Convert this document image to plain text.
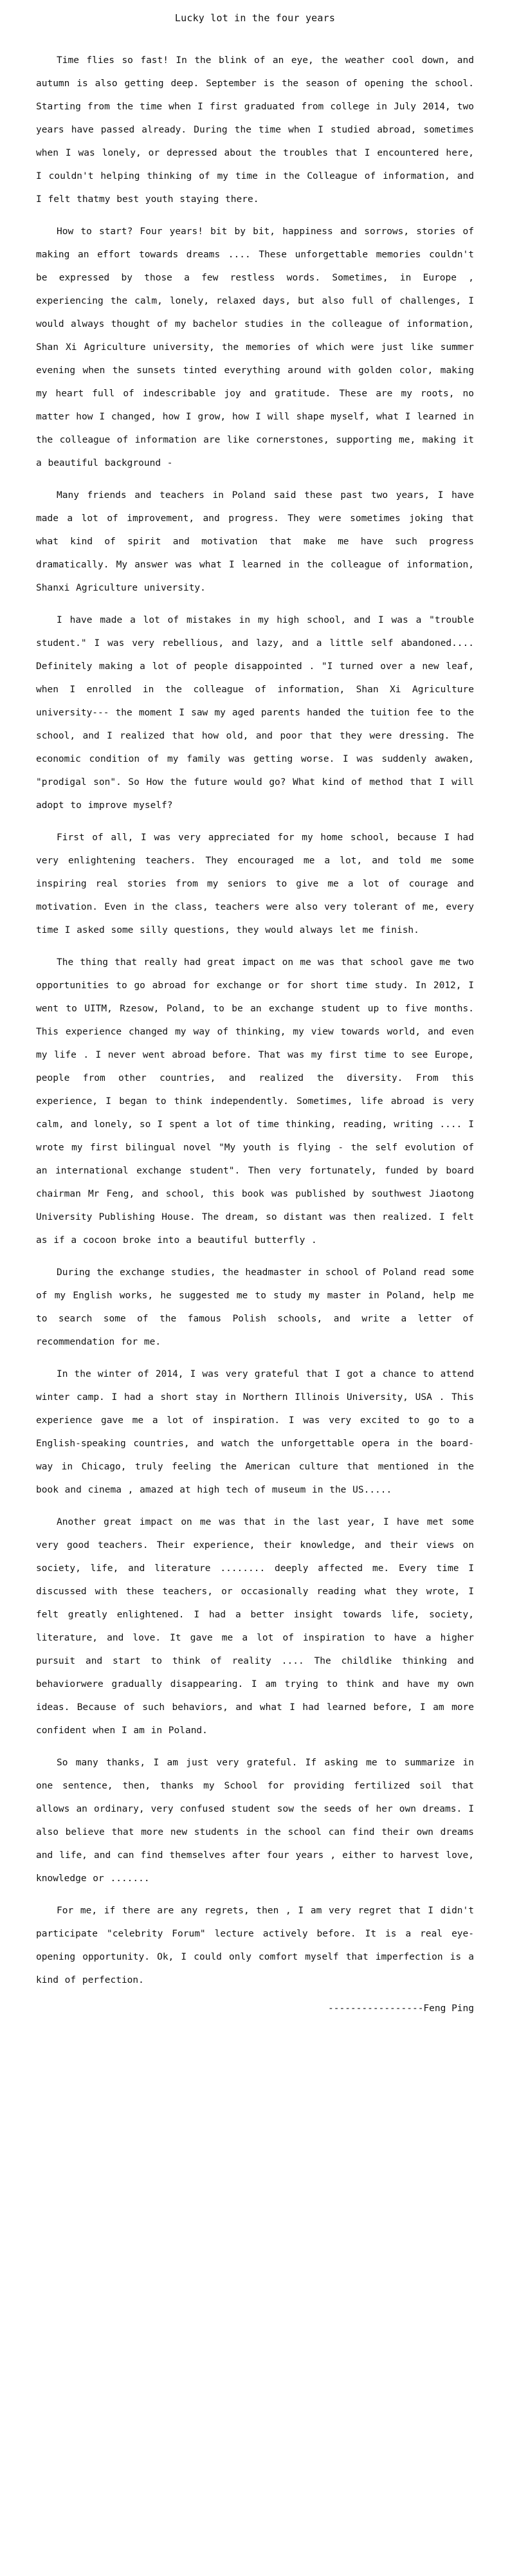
Lucky lot in the four years

Time flies so fast! In the blink of an eye, the weather cool down, and autumn is also getting deep. September is the season of opening the school. Starting from the time when I first graduated from college in July 2014, two years have passed already. During the time when I studied abroad, sometimes when I was lonely, or depressed about the troubles that I encountered here, I couldn't helping thinking of my time in the Colleague of information, and I felt thatmy best youth staying there.

How to start? Four years! bit by bit, happiness and sorrows, stories of making an effort towards dreams .... These unforgettable memories couldn't be expressed by those a few restless words. Sometimes, in Europe , experiencing the calm, lonely, relaxed days, but also full of challenges, I would always thought of my bachelor studies in the colleague of information, Shan Xi Agriculture university, the memories of which were just like summer evening when the sunsets tinted everything around with golden color, making my heart full of indescribable joy and gratitude. These are my roots, no matter how I changed, how I grow, how I will shape myself, what I learned in the colleague of information are like cornerstones, supporting me, making it a beautiful background -

Many friends and teachers in Poland said these past two years, I have made a lot of improvement, and progress. They were sometimes joking that what kind of spirit and motivation that make me have such progress dramatically. My answer was what I learned in the colleague of information, Shanxi Agriculture university.

I have made a lot of mistakes in my high school, and I was a "trouble student." I was very rebellious, and lazy, and a little self abandoned.... Definitely making a lot of people disappointed . "I turned over a new leaf, when I enrolled in the colleague of information, Shan Xi Agriculture university--- the moment I saw my aged parents handed the tuition fee to the school, and I realized that how old, and poor that they were dressing. The economic condition of my family was getting worse. I was suddenly awaken, "prodigal son". So How the future would go? What kind of method that I will adopt to improve myself?

First of all, I was very appreciated for my home school, because I had very enlightening teachers. They encouraged me a lot, and told me some inspiring real stories from my seniors to give me a lot of courage and motivation. Even in the class, teachers were also very tolerant of me, every time I asked some silly questions, they would always let me finish.

The thing that really had great impact on me was that school gave me two opportunities to go abroad for exchange or for short time study. In 2012, I went to UITM, Rzesow, Poland, to be an exchange student up to five months. This experience changed my way of thinking, my view towards world, and even my life . I never went abroad before. That was my first time to see Europe, people from other countries, and realized the diversity. From this experience, I began to think independently. Sometimes, life abroad is very calm, and lonely, so I spent a lot of time thinking, reading, writing .... I wrote my first bilingual novel "My youth is flying - the self evolution of an international exchange student". Then very fortunately, funded by board chairman Mr Feng, and school, this book was published by southwest Jiaotong University Publishing House. The dream, so distant was then realized. I felt as if a cocoon broke into a beautiful butterfly .

During the exchange studies, the headmaster in school of Poland read some of my English works, he suggested me to study my master in Poland, help me to search some of the famous Polish schools, and write a letter of recommendation for me.

In the winter of 2014, I was very grateful that I got a chance to attend winter camp. I had a short stay in Northern Illinois University, USA . This experience gave me a lot of inspiration. I was very excited to go to a English-speaking countries, and watch the unforgettable opera in the board-way in Chicago, truly feeling the American culture that mentioned in the book and cinema , amazed at high tech of museum in the US.....

Another great impact on me was that in the last year, I have met some very good teachers. Their experience, their knowledge, and their views on society, life, and literature ........ deeply affected me. Every time I discussed with these teachers, or occasionally reading what they wrote, I felt greatly enlightened. I had a better insight towards life, society, literature, and love. It gave me a lot of inspiration to have a higher pursuit and start to think of reality .... The childlike thinking and behaviorwere gradually disappearing. I am trying to think and have my own ideas. Because of such behaviors, and what I had learned before, I am more confident when I am in Poland.

So many thanks, I am just very grateful. If asking me to summarize in one sentence, then, thanks my School for providing fertilized soil that allows an ordinary, very confused student sow the seeds of her own dreams. I also believe that more new students in the school can find their own dreams and life, and can find themselves after four years , either to harvest love, knowledge or .......

For me, if there are any regrets, then , I am very regret that I didn't participate "celebrity Forum" lecture actively before. It is a real eye-opening opportunity. Ok, I could only comfort myself that imperfection is a kind of perfection.

-----------------Feng Ping
